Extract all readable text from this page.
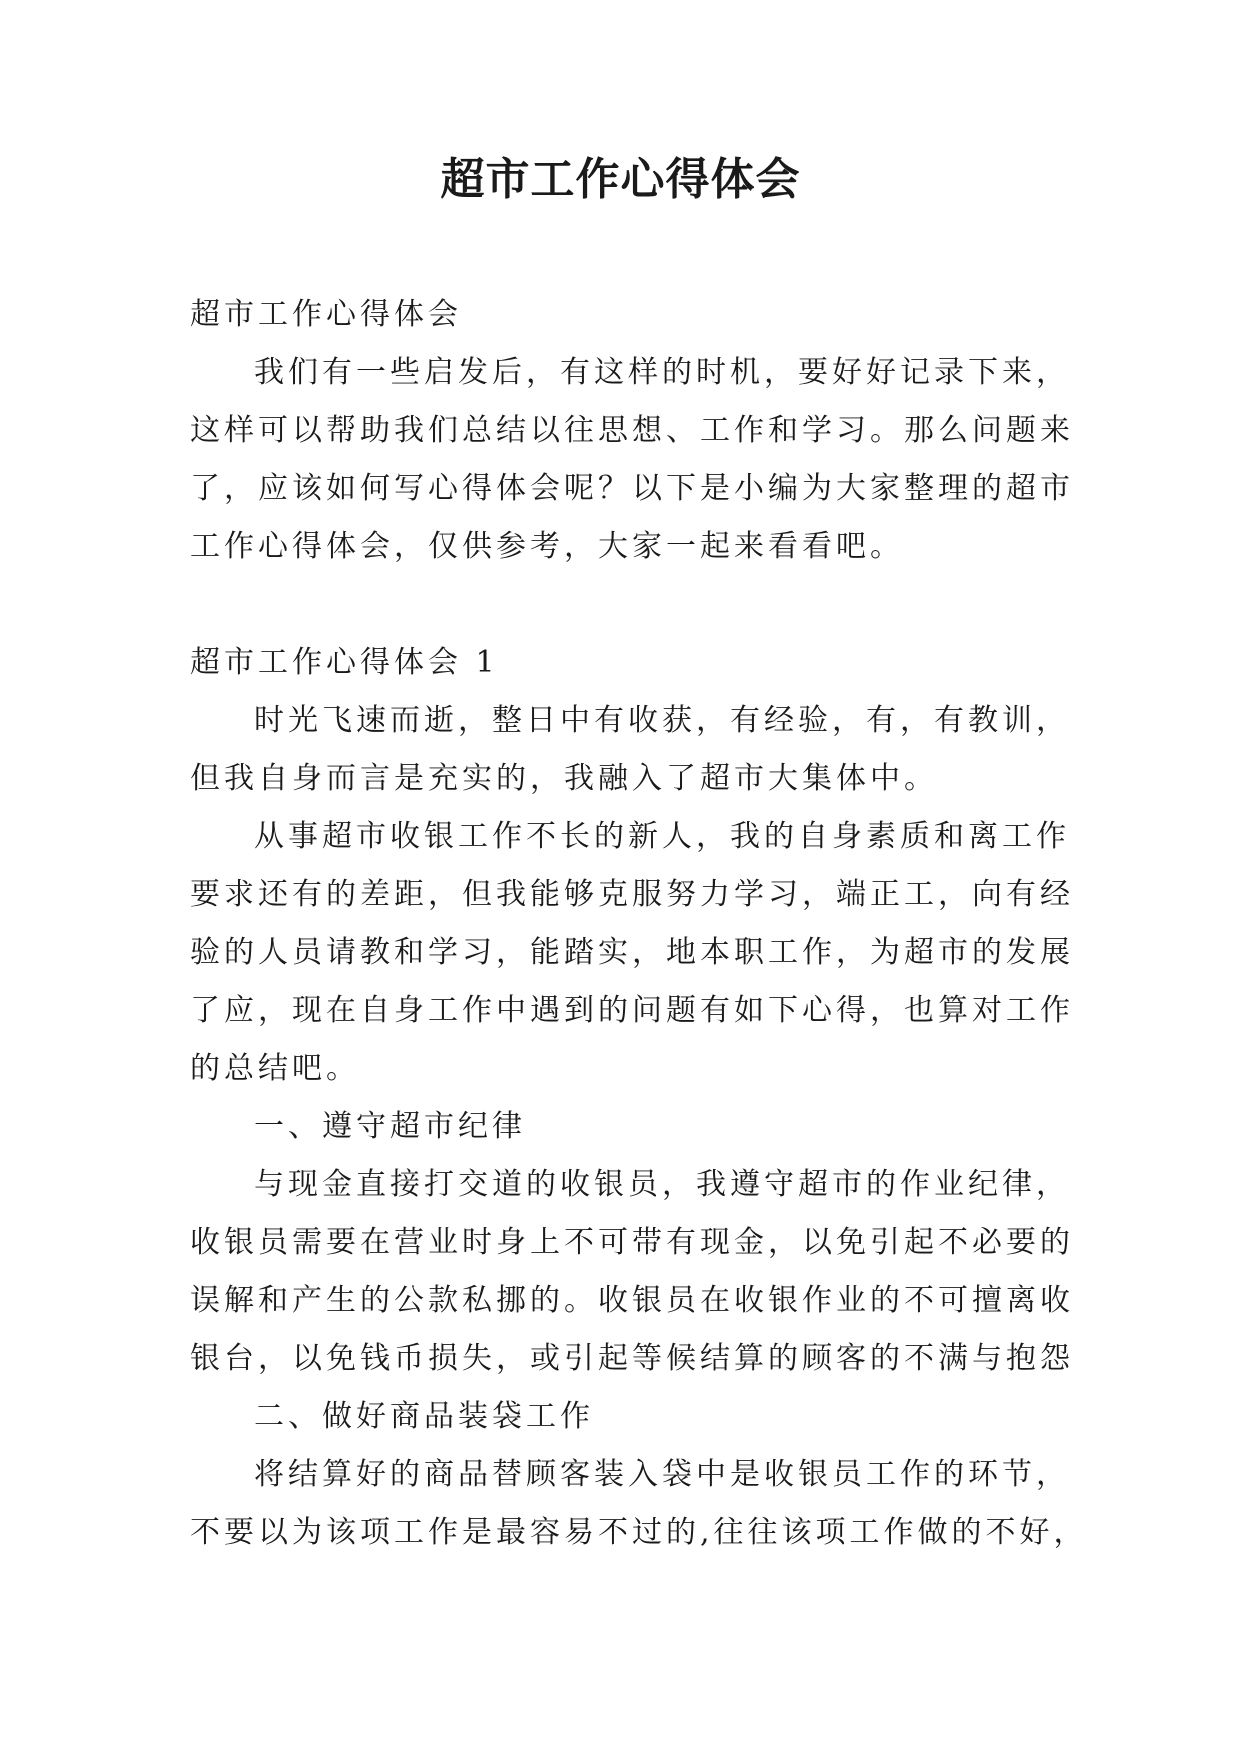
超市工作心得体会

超市工作心得体会

我们有一些启发后，有这样的时机，要好好记录下来，

这样可以帮助我们总结以往思想、工作和学习。那么问题来

了，应该如何写心得体会呢？以下是小编为大家整理的超市

工作心得体会，仅供参考，大家一起来看看吧。

超市工作心得体会 1

时光飞速而逝，整日中有收获，有经验，有，有教训，

但我自身而言是充实的，我融入了超市大集体中。

从事超市收银工作不长的新人，我的自身素质和离工作

要求还有的差距，但我能够克服努力学习，端正工，向有经

验的人员请教和学习，能踏实，地本职工作，为超市的发展

了应，现在自身工作中遇到的问题有如下心得，也算对工作

的总结吧。

一、遵守超市纪律

与现金直接打交道的收银员，我遵守超市的作业纪律，

收银员需要在营业时身上不可带有现金，以免引起不必要的

误解和产生的公款私挪的。收银员在收银作业的不可擅离收

银台，以免钱币损失，或引起等候结算的顾客的不满与抱怨

二、做好商品装袋工作

将结算好的商品替顾客装入袋中是收银员工作的环节，

不要以为该项工作是最容易不过的,往往该项工作做的不好，
